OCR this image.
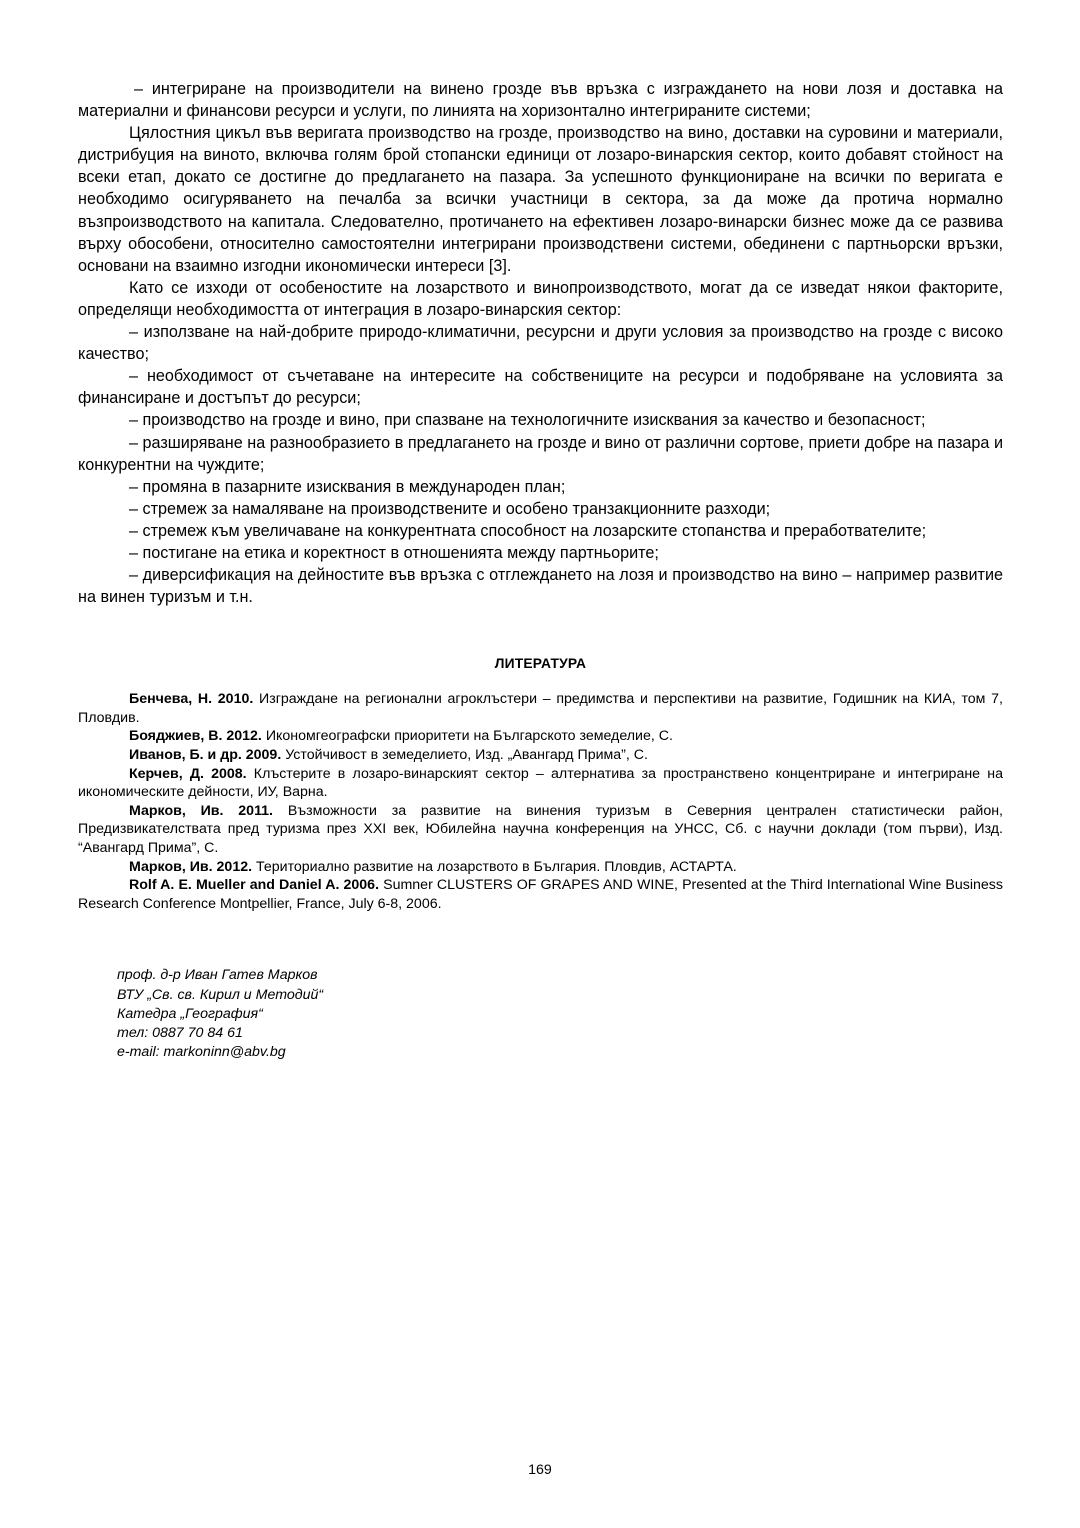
– интегриране на производители на винено грозде във връзка с изграждането на нови лозя и доставка на материални и финансови ресурси и услуги, по линията на хоризонтално интегрираните системи;

Цялостния цикъл във веригата производство на грозде, производство на вино, доставки на суровини и материали, дистрибуция на виното, включва голям брой стопански единици от лозаро-винарския сектор, които добавят стойност на всеки етап, докато се достигне до предлагането на пазара. За успешното функциониране на всички по веригата е необходимо осигуряването на печалба за всички участници в сектора, за да може да протича нормално възпроизводството на капитала. Следователно, протичането на ефективен лозаро-винарски бизнес може да се развива върху обособени, относително самостоятелни интегрирани производствени системи, обединени с партньорски връзки, основани на взаимно изгодни икономически интереси [3].

Като се изходи от особеностите на лозарството и винопроизводството, могат да се изведат някои факторите, определящи необходимостта от интеграция в лозаро-винарския сектор:

– използване на най-добрите природо-климатични, ресурсни и други условия за производство на грозде с високо качество;

– необходимост от съчетаване на интересите на собствениците на ресурси и подобряване на условията за финансиране и достъпът до ресурси;

– производство на грозде и вино, при спазване на технологичните изисквания за качество и безопасност;

– разширяване на разнообразието в предлагането на грозде и вино от различни сортове, приети добре на пазара и конкурентни на чуждите;

– промяна в пазарните изисквания в международен план;

– стремеж за намаляване на производствените и особено транзакционните разходи;

– стремеж към увеличаване на конкурентната способност на лозарските стопанства и преработвателите;

– постигане на етика и коректност в отношенията между партньорите;

– диверсификация на дейностите във връзка с отглеждането на лозя и производство на вино – например развитие на винен туризъм и т.н.

ЛИТЕРАТУРА

Бенчева, Н. 2010. Изграждане на регионални агроклъстери – предимства и перспективи на развитие, Годишник на КИА, том 7, Пловдив.

Бояджиев, В. 2012. Икономгеографски приоритети на Българското земеделие, С.

Иванов, Б. и др. 2009. Устойчивост в земеделието, Изд. „Авангард Прима”, С.

Керчев, Д. 2008. Клъстерите в лозаро-винарският сектор – алтернатива за пространствено концентриране и интегриране на икономическите дейности, ИУ, Варна.

Марков, Ив. 2011. Възможности за развитие на винения туризъм в Северния централен статистически район, Предизвикателствата пред туризма през XXI век, Юбилейна научна конференция на УНСС, Сб. с научни доклади (том първи), Изд. “Авангард Прима”, С.

Марков, Ив. 2012. Териториално развитие на лозарството в България. Пловдив, АСТАРТА.

Rolf A. E. Mueller and Daniel A. 2006. Sumner CLUSTERS OF GRAPES AND WINE, Presented at the Third International Wine Business Research Conference Montpellier, France, July 6-8, 2006.

проф. д-р Иван Гатев Марков
ВТУ „Св. св. Кирил и Методий“
Катедра „География“
тел: 0887 70 84 61
e-mail: markoninn@abv.bg
169
